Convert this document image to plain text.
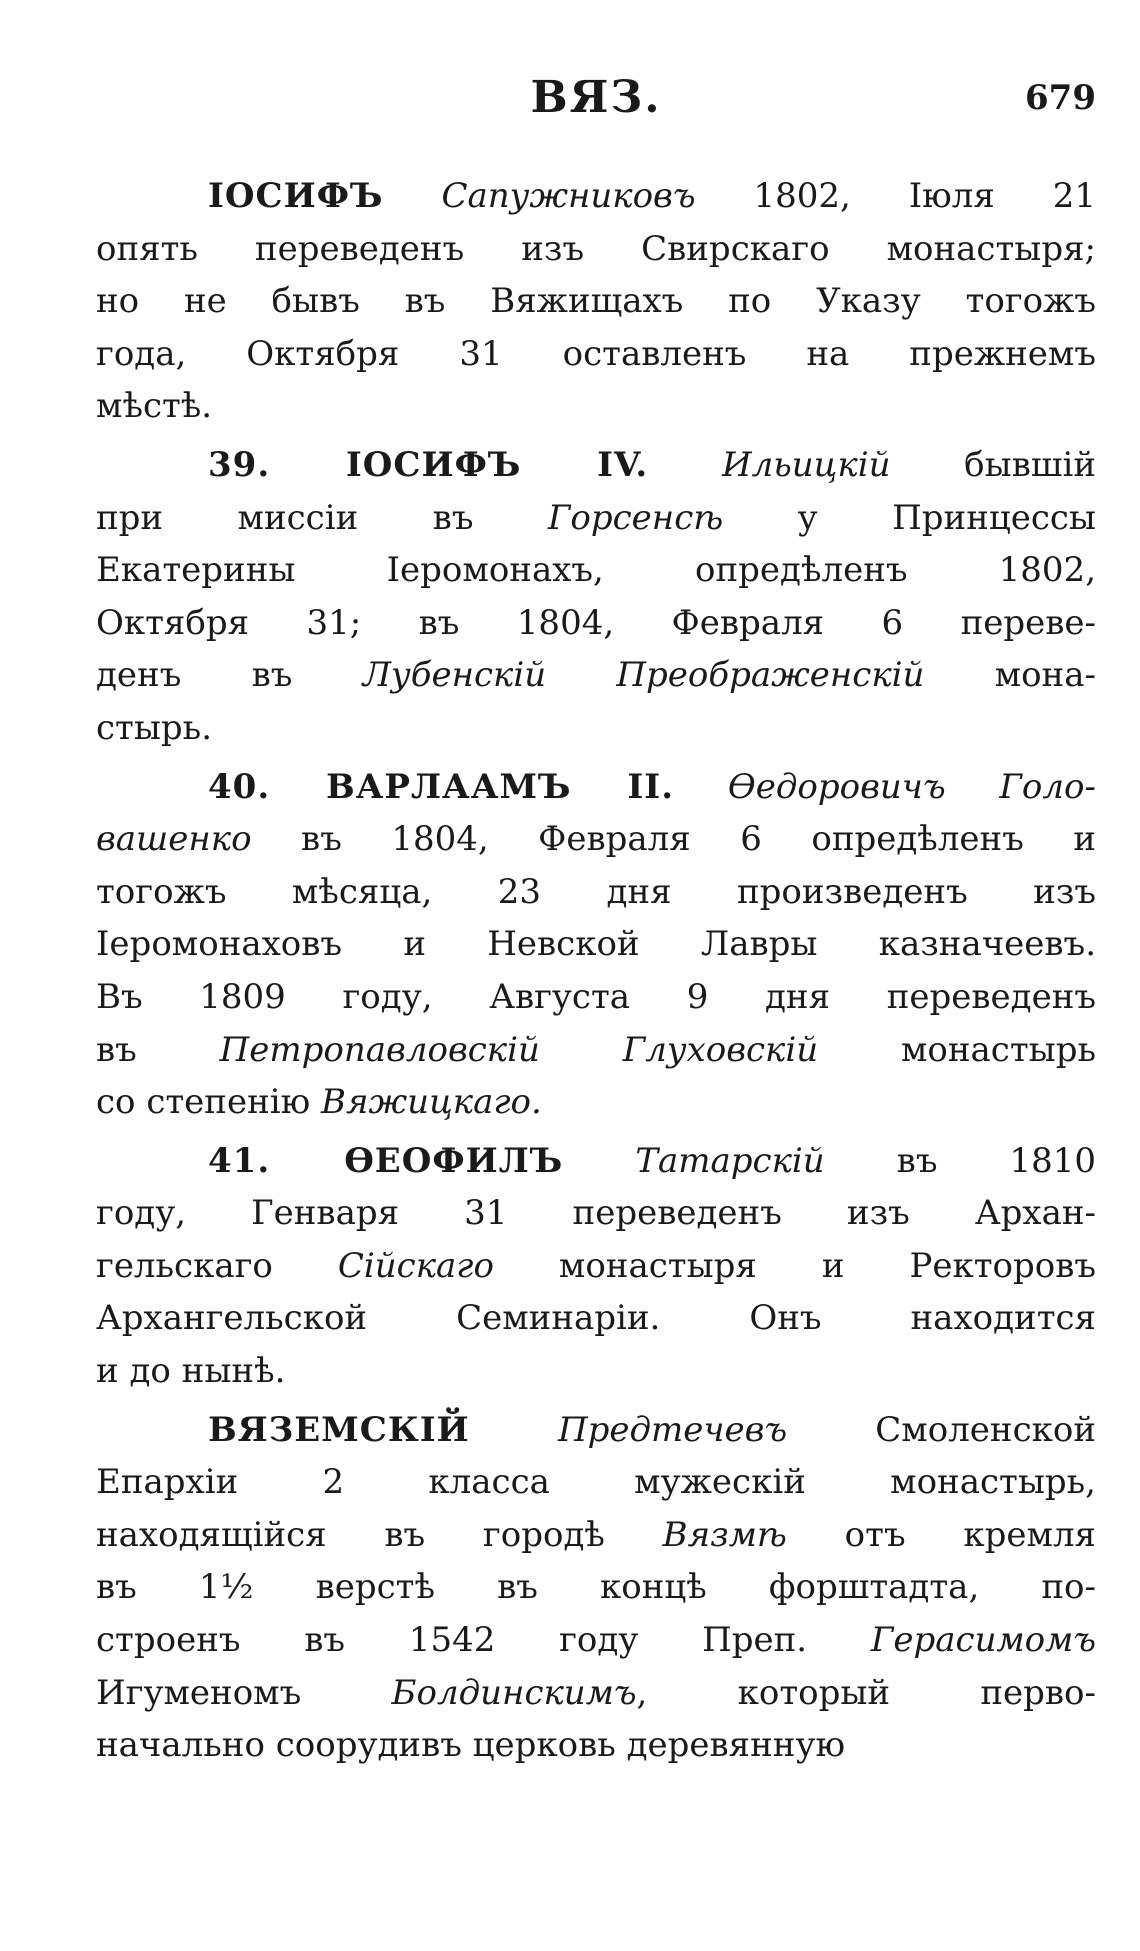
ВЯЗ.	679
ІОСИФЪ Сапужниковъ 1802, Іюля 21
опять переведенъ изъ Свирскаго монастыря;
но не бывъ въ Вяжищахъ по Указу тогожъ
года, Октября 31 оставленъ на прежнемъ
мѣстѣ.
39. ІОСИФЪ IV. Ильицкій бывшій
при миссіи въ Горсенсѣ у Принцессы
Екатерины Іеромонахъ, опредѣленъ 1802,
Октября 31; въ 1804, Февраля 6 переве-
денъ въ Лубенскій Преображенскій мона-
стырь.
40. ВАРЛААМЪ II. Өедоровичъ Голо-
вашенко въ 1804, Февраля 6 опредѣленъ и
тогожъ мѣсяца, 23 дня произведенъ изъ
Іеромонаховъ и Невской Лавры казначеевъ.
Въ 1809 году, Августа 9 дня переведенъ
въ Петропавловскій Глуховскій монастырь
со степенію Вяжицкаго.
41. ӨЕОФИЛЪ Татарскій въ 1810
году, Генваря 31 переведенъ изъ Архан-
гельскаго Сійскаго монастыря и Ректоровъ
Архангельской Семинаріи. Онъ находится
и до нынѣ.
ВЯЗЕМСКІЙ	Предтечевъ Смоленской
Епархіи 2 класса мужескій монастырь,
находящійся въ городѣ Вязмѣ отъ кремля
въ 1½ верстѣ въ концѣ форштадта, по-
строенъ въ 1542 году Преп. Герасимомъ
Игуменомъ Болдинскимъ, который перво-
начально соорудивъ церковь деревянную
